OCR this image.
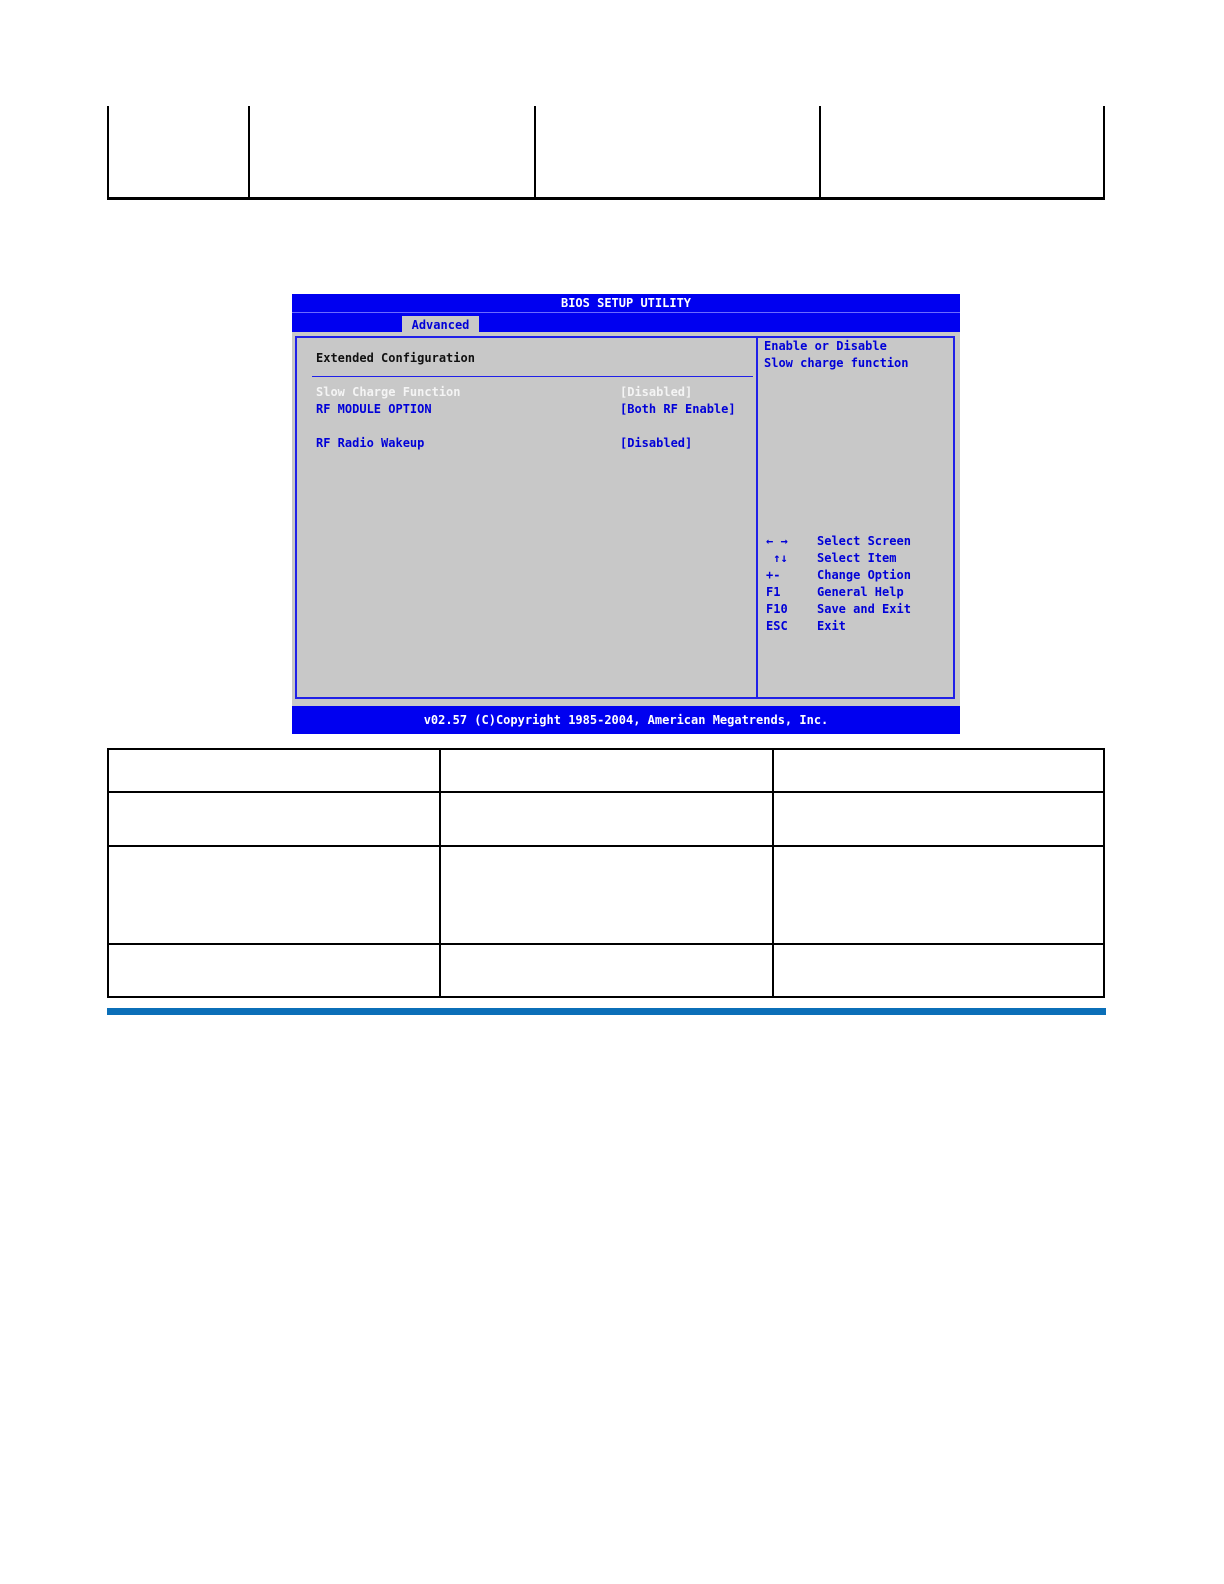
BIOS SETUP UTILITY
Advanced
Extended Configuration
Slow Charge Function	[Disabled]
RF MODULE OPTION	[Both RF Enable]
RF Radio Wakeup	[Disabled]
Enable or Disable
Slow charge function
← → Select Screen
↑↓ Select Item
+-	Change Option
F1	General Help
F10 Save and Exit
ESC Exit
v02.57 (C)Copyright 1985-2004, American Megatrends, Inc.
